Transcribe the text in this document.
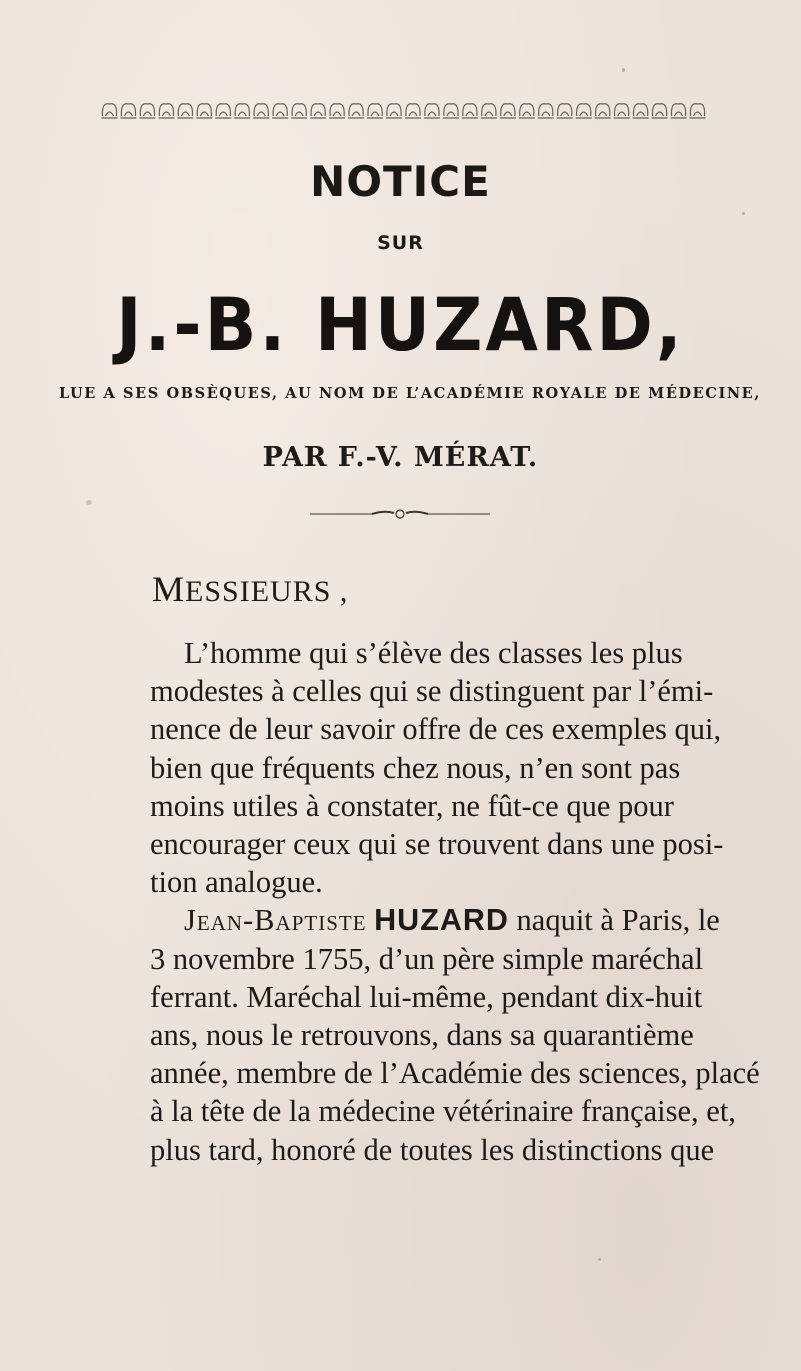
NOTICE
SUR
J.-B. HUZARD,
LUE A SES OBSÈQUES, AU NOM DE L’ACADÉMIE ROYALE DE MÉDECINE,
PAR F.-V. MÉRAT.
MESSIEURS ,
L’homme qui s’élève des classes les plus
modestes à celles qui se distinguent par l’émi-
nence de leur savoir offre de ces exemples qui,
bien que fréquents chez nous, n’en sont pas
moins utiles à constater, ne fût-ce que pour
encourager ceux qui se trouvent dans une posi-
tion analogue.
Jean-Baptiste HUZARD naquit à Paris, le
3 novembre 1755, d’un père simple maréchal
ferrant. Maréchal lui-même, pendant dix-huit
ans, nous le retrouvons, dans sa quarantième
année, membre de l’Académie des sciences, placé
à la tête de la médecine vétérinaire française, et,
plus tard, honoré de toutes les distinctions que
